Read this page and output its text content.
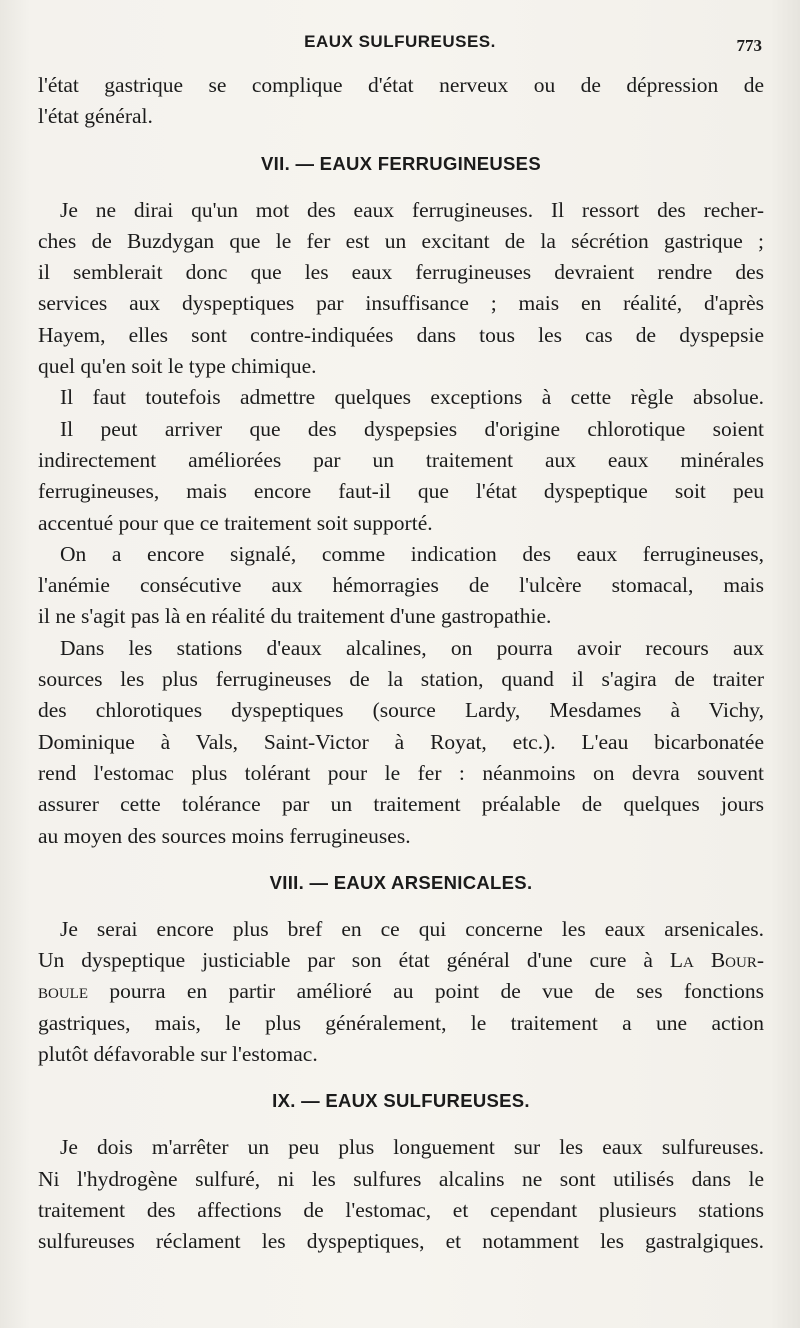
EAUX SULFUREUSES.	773
l'état gastrique se complique d'état nerveux ou de dépression de
l'état général.
VII. — EAUX FERRUGINEUSES
Je ne dirai qu'un mot des eaux ferrugineuses. Il ressort des recher-
ches de Buzdygan que le fer est un excitant de la sécrétion gastrique ;
il semblerait donc que les eaux ferrugineuses devraient rendre des
services aux dyspeptiques par insuffisance ; mais en réalité, d'après
Hayem, elles sont contre-indiquées dans tous les cas de dyspepsie
quel qu'en soit le type chimique.
Il faut toutefois admettre quelques exceptions à cette règle absolue.
Il peut arriver que des dyspepsies d'origine chlorotique soient
indirectement améliorées par un traitement aux eaux minérales
ferrugineuses, mais encore faut-il que l'état dyspeptique soit peu
accentué pour que ce traitement soit supporté.
On a encore signalé, comme indication des eaux ferrugineuses,
l'anémie consécutive aux hémorragies de l'ulcère stomacal, mais
il ne s'agit pas là en réalité du traitement d'une gastropathie.
Dans les stations d'eaux alcalines, on pourra avoir recours aux
sources les plus ferrugineuses de la station, quand il s'agira de traiter
des chlorotiques dyspeptiques (source Lardy, Mesdames à Vichy,
Dominique à Vals, Saint-Victor à Royat, etc.). L'eau bicarbonatée
rend l'estomac plus tolérant pour le fer : néanmoins on devra souvent
assurer cette tolérance par un traitement préalable de quelques jours
au moyen des sources moins ferrugineuses.
VIII. — EAUX ARSENICALES.
Je serai encore plus bref en ce qui concerne les eaux arsenicales.
Un dyspeptique justiciable par son état général d'une cure à La Bour-
boule pourra en partir amélioré au point de vue de ses fonctions
gastriques, mais, le plus généralement, le traitement a une action
plutôt défavorable sur l'estomac.
IX. — EAUX SULFUREUSES.
Je dois m'arrêter un peu plus longuement sur les eaux sulfureuses.
Ni l'hydrogène sulfuré, ni les sulfures alcalins ne sont utilisés dans le
traitement des affections de l'estomac, et cependant plusieurs stations
sulfureuses réclament les dyspeptiques, et notamment les gastralgiques.
